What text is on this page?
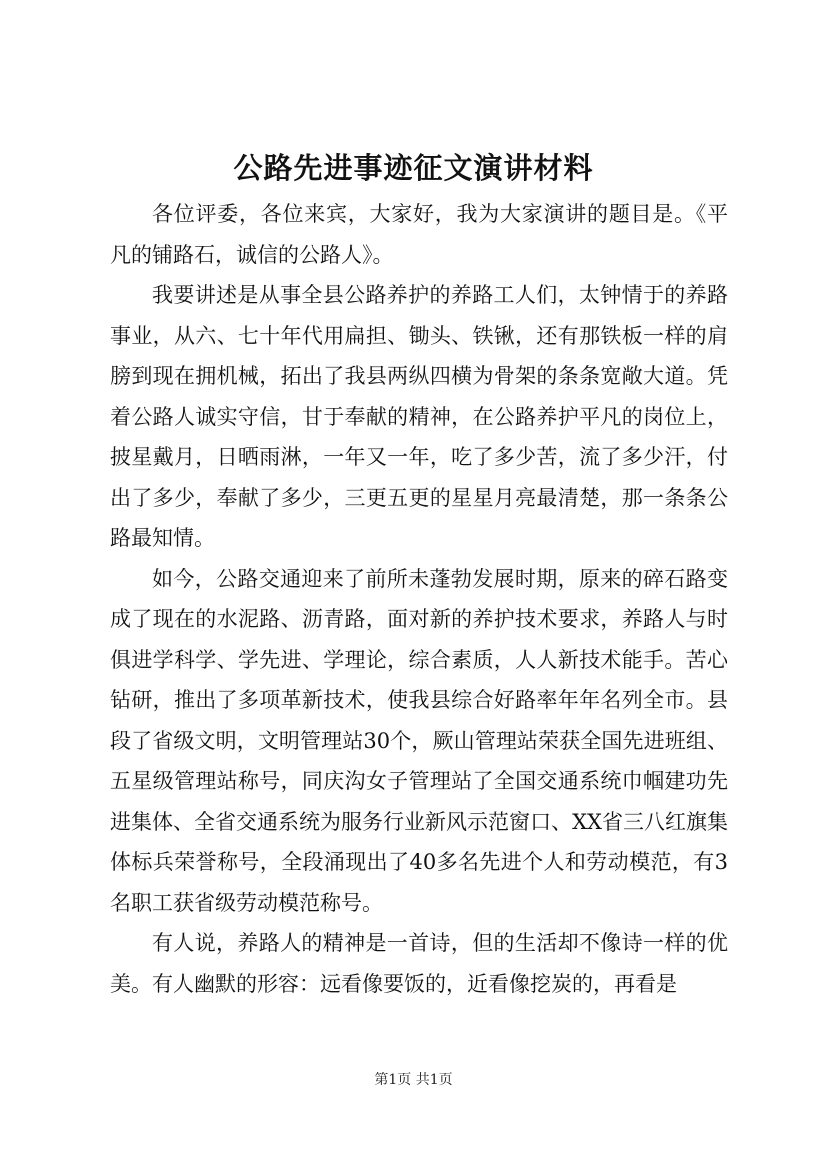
公路先进事迹征文演讲材料

各位评委，各位来宾，大家好，我为大家演讲的题目是。《平凡的铺路石，诚信的公路人》。

我要讲述是从事全县公路养护的养路工人们，太钟情于的养路事业，从六、七十年代用扁担、锄头、铁锹，还有那铁板一样的肩膀到现在拥机械，拓出了我县两纵四横为骨架的条条宽敞大道。凭着公路人诚实守信，甘于奉献的精神，在公路养护平凡的岗位上，披星戴月，日晒雨淋，一年又一年，吃了多少苦，流了多少汗，付出了多少，奉献了多少，三更五更的星星月亮最清楚，那一条条公路最知情。

如今，公路交通迎来了前所未蓬勃发展时期，原来的碎石路变成了现在的水泥路、沥青路，面对新的养护技术要求，养路人与时俱进学科学、学先进、学理论，综合素质，人人新技术能手。苦心钻研，推出了多项革新技术，使我县综合好路率年年名列全市。县段了省级文明，文明管理站30个，厥山管理站荣获全国先进班组、五星级管理站称号，同庆沟女子管理站了全国交通系统巾帼建功先进集体、全省交通系统为服务行业新风示范窗口、XX省三八红旗集体标兵荣誉称号，全段涌现出了40多名先进个人和劳动模范，有3名职工获省级劳动模范称号。

有人说，养路人的精神是一首诗，但的生活却不像诗一样的优美。有人幽默的形容：远看像要饭的，近看像挖炭的，再看是

第1页 共1页
